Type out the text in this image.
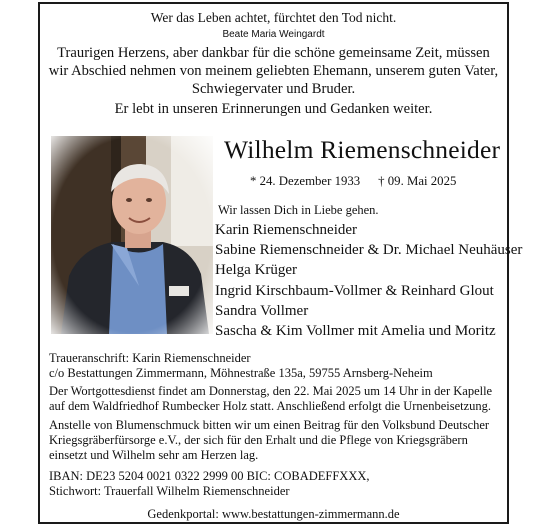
Wer das Leben achtet, fürchtet den Tod nicht.
Beate Maria Weingardt
Traurigen Herzens, aber dankbar für die schöne gemeinsame Zeit, müssen
wir Abschied nehmen von meinem geliebten Ehemann, unserem guten Vater,
Schwiegervater und Bruder.
Er lebt in unseren Erinnerungen und Gedanken weiter.
Wilhelm Riemenschneider
* 24. Dezember 1933 † 09. Mai 2025
Wir lassen Dich in Liebe gehen.
Karin Riemenschneider
Sabine Riemenschneider & Dr. Michael Neuhäuser
Helga Krüger
Ingrid Kirschbaum-Vollmer & Reinhard Glout
Sandra Vollmer
Sascha & Kim Vollmer mit Amelia und Moritz
Traueranschrift: Karin Riemenschneider
c/o Bestattungen Zimmermann, Möhnestraße 135a, 59755 Arnsberg-Neheim
Der Wortgottesdienst findet am Donnerstag, den 22. Mai 2025 um 14 Uhr in der Kapelle auf dem Waldfriedhof Rumbecker Holz statt. Anschließend erfolgt die Urnenbeisetzung.
Anstelle von Blumenschmuck bitten wir um einen Beitrag für den Volksbund Deutscher Kriegsgräberfürsorge e.V., der sich für den Erhalt und die Pflege von Kriegsgräbern einsetzt und Wilhelm sehr am Herzen lag.
IBAN: DE23 5204 0021 0322 2999 00 BIC: COBADEFFXXX,
Stichwort: Trauerfall Wilhelm Riemenschneider
Gedenkportal: www.bestattungen-zimmermann.de
